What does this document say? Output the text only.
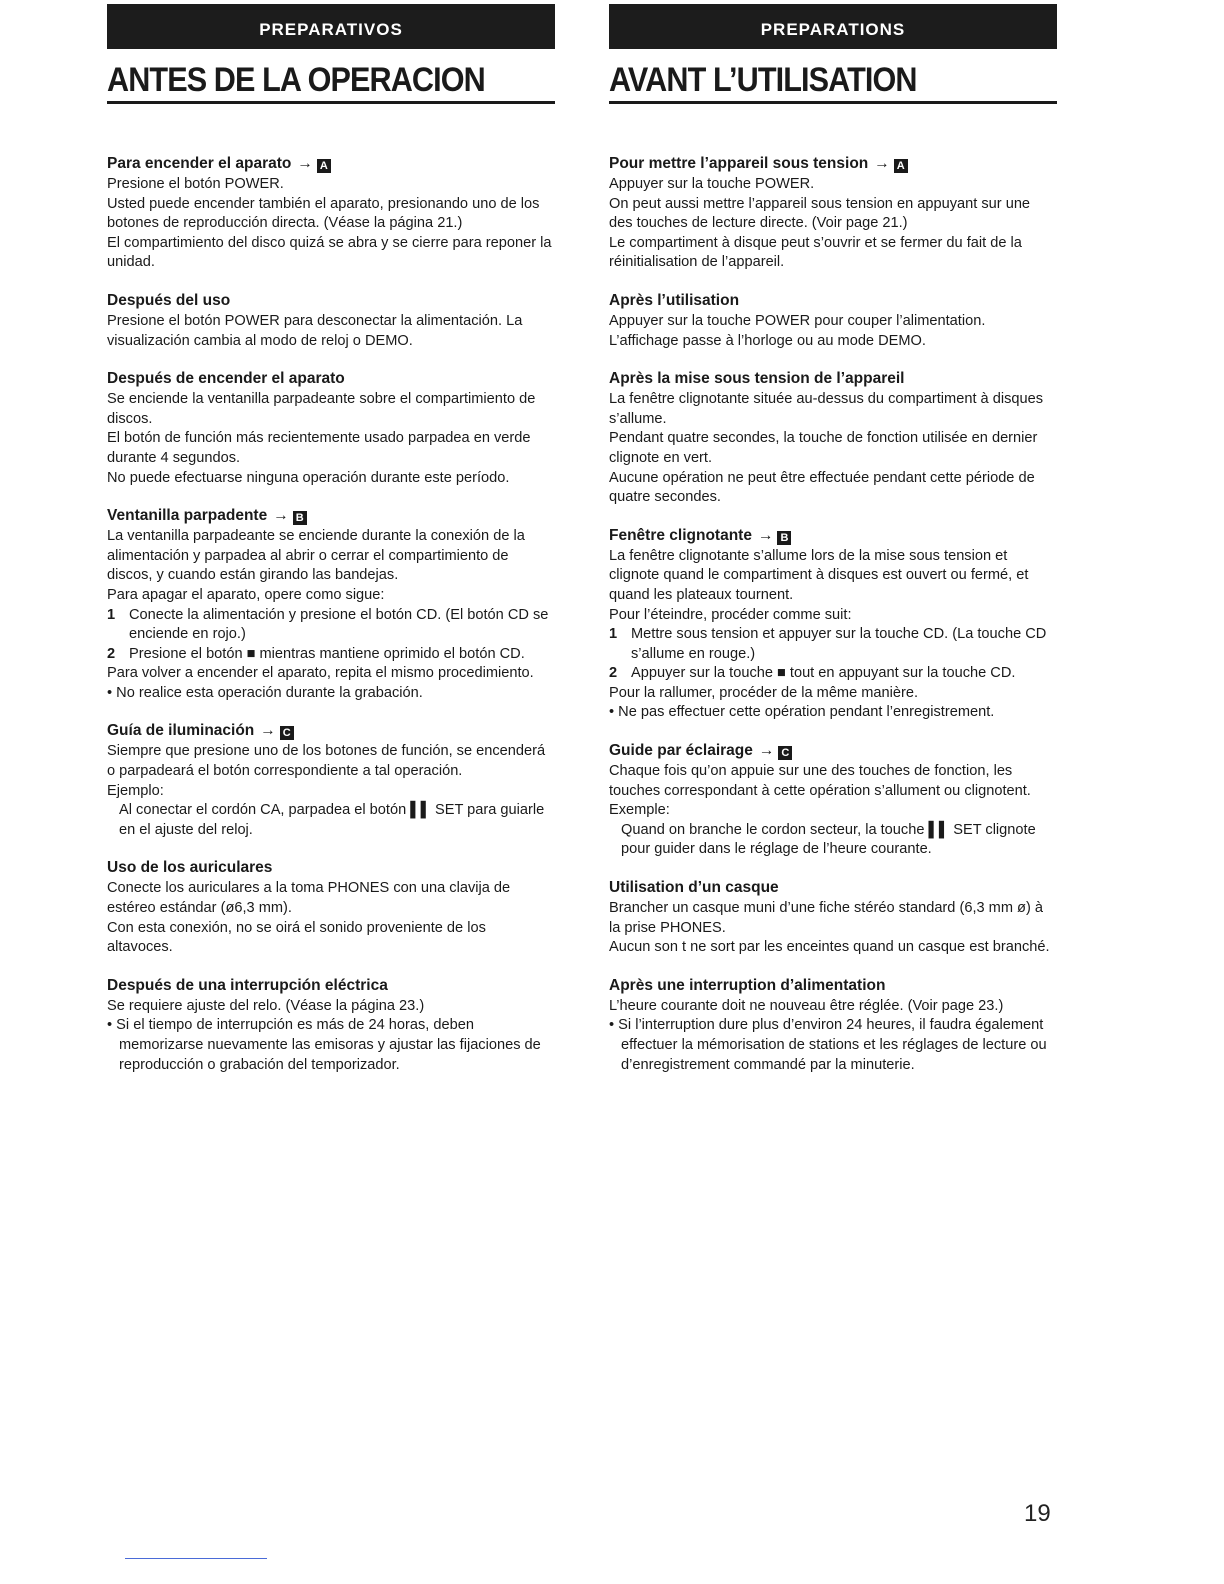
PREPARATIVOS
ANTES DE LA OPERACION
Para encender el aparato → A

Presione el botón POWER.

Usted puede encender también el aparato, presionando uno de los botones de reproducción directa. (Véase la página 21.)

El compartimiento del disco quizá se abra y se cierre para reponer la unidad.

Después del uso

Presione el botón POWER para desconectar la alimentación. La visualización cambia al modo de reloj o DEMO.

Después de encender el aparato

Se enciende la ventanilla parpadeante sobre el compartimiento de discos.

El botón de función más recientemente usado parpadea en verde durante 4 segundos.

No puede efectuarse ninguna operación durante este período.

Ventanilla parpadente → B

La ventanilla parpadeante se enciende durante la conexión de la alimentación y parpadea al abrir o cerrar el compartimiento de discos, y cuando están girando las bandejas.

Para apagar el aparato, opere como sigue:

1 Conecte la alimentación y presione el botón CD. (El botón CD se enciende en rojo.)

2 Presione el botón ■ mientras mantiene oprimido el botón CD.

Para volver a encender el aparato, repita el mismo procedimiento.

• No realice esta operación durante la grabación.

Guía de iluminación → C

Siempre que presione uno de los botones de función, se encenderá o parpadeará el botón correspondiente a tal operación.

Ejemplo:

Al conectar el cordón CA, parpadea el botón ▌▌ SET para guiarle en el ajuste del reloj.

Uso de los auriculares

Conecte los auriculares a la toma PHONES con una clavija de estéreo estándar (ø6,3 mm).

Con esta conexión, no se oirá el sonido proveniente de los altavoces.

Después de una interrupción eléctrica

Se requiere ajuste del relo. (Véase la página 23.)

• Si el tiempo de interrupción es más de 24 horas, deben memorizarse nuevamente las emisoras y ajustar las fijaciones de reproducción o grabación del temporizador.

PREPARATIONS
AVANT L’UTILISATION
Pour mettre l’appareil sous tension → A

Appuyer sur la touche POWER.

On peut aussi mettre l’appareil sous tension en appuyant sur une des touches de lecture directe. (Voir page 21.)

Le compartiment à disque peut s’ouvrir et se fermer du fait de la réinitialisation de l’appareil.

Après l’utilisation

Appuyer sur la touche POWER pour couper l’alimentation. L’affichage passe à l’horloge ou au mode DEMO.

Après la mise sous tension de l’appareil

La fenêtre clignotante située au-dessus du compartiment à disques s’allume.

Pendant quatre secondes, la touche de fonction utilisée en dernier clignote en vert.

Aucune opération ne peut être effectuée pendant cette période de quatre secondes.

Fenêtre clignotante → B

La fenêtre clignotante s’allume lors de la mise sous tension et clignote quand le compartiment à disques est ouvert ou fermé, et quand les plateaux tournent.

Pour l’éteindre, procéder comme suit:

1 Mettre sous tension et appuyer sur la touche CD. (La touche CD s’allume en rouge.)

2 Appuyer sur la touche ■ tout en appuyant sur la touche CD.

Pour la rallumer, procéder de la même manière.

• Ne pas effectuer cette opération pendant l’enregistrement.

Guide par éclairage → C

Chaque fois qu’on appuie sur une des touches de fonction, les touches correspondant à cette opération s’allument ou clignotent.

Exemple:

Quand on branche le cordon secteur, la touche ▌▌ SET clignote pour guider dans le réglage de l’heure courante.

Utilisation d’un casque

Brancher un casque muni d’une fiche stéréo standard (6,3 mm ø) à la prise PHONES.

Aucun son t ne sort par les enceintes quand un casque est branché.

Après une interruption d’alimentation

L’heure courante doit ne nouveau être réglée. (Voir page 23.)

• Si l’interruption dure plus d’environ 24 heures, il faudra également effectuer la mémorisation de stations et les réglages de lecture ou d’enregistrement commandé par la minuterie.

19
